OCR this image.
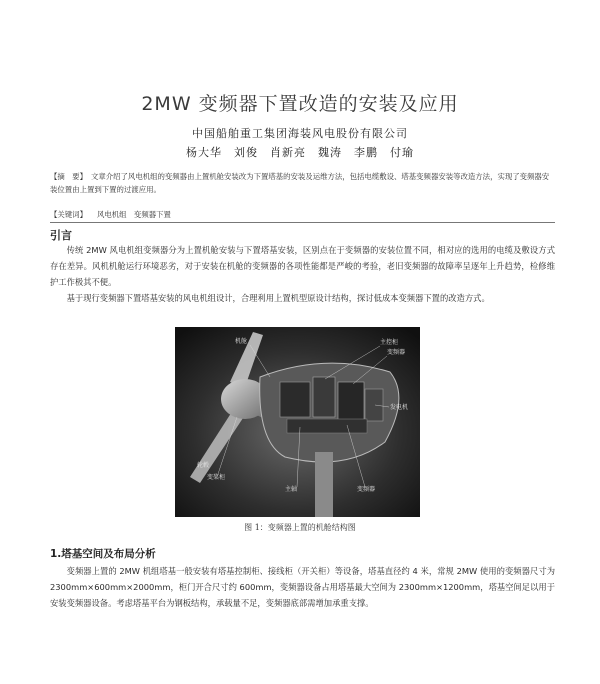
2MW 变频器下置改造的安装及应用
中国船舶重工集团海装风电股份有限公司
杨大华　刘俊　肖新亮　魏涛　李鹏　付瑜
【摘　要】 文章介绍了风电机组的变频器由上置机舱安装改为下置塔基的安装及运维方法，包括电缆敷设、塔基变频器安装等改造方法，实现了变频器安装位置由上置到下置的过渡应用。
【关键词】 风电机组　变频器下置
引言
传统 2MW 风电机组变频器分为上置机舱安装与下置塔基安装，区别点在于变频器的安装位置不同，相对应的选用的电缆及敷设方式存在差异。风机机舱运行环境恶劣，对于安装在机舱的变频器的各项性能都是严峻的考验，老旧变频器的故障率呈逐年上升趋势，检修维护工作极其不便。
基于现行变频器下置塔基安装的风电机组设计，合理利用上置机型原设计结构，探讨低成本变频器下置的改造方式。
机舱	主控柜
变频器
发电机
轮毂
变桨柜
主轴	变频器
图 1：变频器上置的机舱结构图
1.塔基空间及布局分析
变频器上置的 2MW 机组塔基一般安装有塔基控制柜、接线柜（开关柜）等设备，塔基直径约 4 米，常规 2MW 使用的变频器尺寸为 2300mm×600mm×2000mm，柜门开合尺寸约 600mm，变频器设备占用塔基最大空间为 2300mm×1200mm，塔基空间足以用于安装变频器设备。考虑塔基平台为钢板结构，承载量不足，变频器底部需增加承重支撑。
